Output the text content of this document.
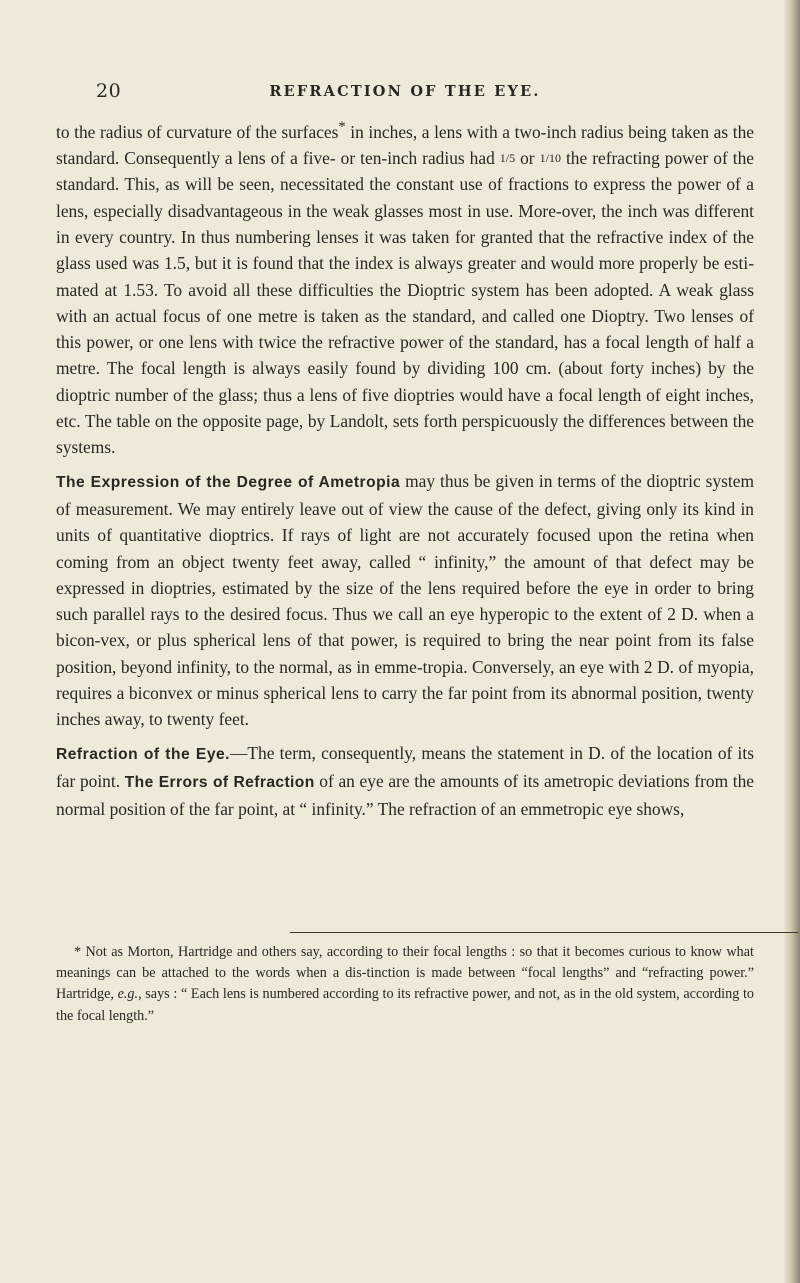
20	REFRACTION OF THE EYE.

to the radius of curvature of the surfaces* in inches, a lens with a two-inch radius being taken as the standard. Consequently a lens of a five- or ten-inch radius had 1/5 or 1/10 the refracting power of the standard. This, as will be seen, necessitated the constant use of fractions to express the power of a lens, especially disadvantageous in the weak glasses most in use. More-over, the inch was different in every country. In thus numbering lenses it was taken for granted that the refractive index of the glass used was 1.5, but it is found that the index is always greater and would more properly be esti-mated at 1.53. To avoid all these difficulties the Dioptric system has been adopted. A weak glass with an actual focus of one metre is taken as the standard, and called one Dioptry. Two lenses of this power, or one lens with twice the refractive power of the standard, has a focal length of half a metre. The focal length is always easily found by dividing 100 cm. (about forty inches) by the dioptric number of the glass; thus a lens of five dioptries would have a focal length of eight inches, etc. The table on the opposite page, by Landolt, sets forth perspicuously the differences between the systems.

The Expression of the Degree of Ametropia may thus be given in terms of the dioptric system of measurement. We may entirely leave out of view the cause of the defect, giving only its kind in units of quantitative dioptrics. If rays of light are not accurately focused upon the retina when coming from an object twenty feet away, called “ infinity,” the amount of that defect may be expressed in dioptries, estimated by the size of the lens required before the eye in order to bring such parallel rays to the desired focus. Thus we call an eye hyperopic to the extent of 2 D. when a bicon-vex, or plus spherical lens of that power, is required to bring the near point from its false position, beyond infinity, to the normal, as in emme-tropia. Conversely, an eye with 2 D. of myopia, requires a biconvex or minus spherical lens to carry the far point from its abnormal position, twenty inches away, to twenty feet.

Refraction of the Eye.—The term, consequently, means the statement in D. of the location of its far point. The Errors of Refraction of an eye are the amounts of its ametropic deviations from the normal position of the far point, at “ infinity.” The refraction of an emmetropic eye shows,

* Not as Morton, Hartridge and others say, according to their focal lengths : so that it becomes curious to know what meanings can be attached to the words when a dis-tinction is made between “focal lengths” and “refracting power.” Hartridge, e.g., says : “ Each lens is numbered according to its refractive power, and not, as in the old system, according to the focal length.”
